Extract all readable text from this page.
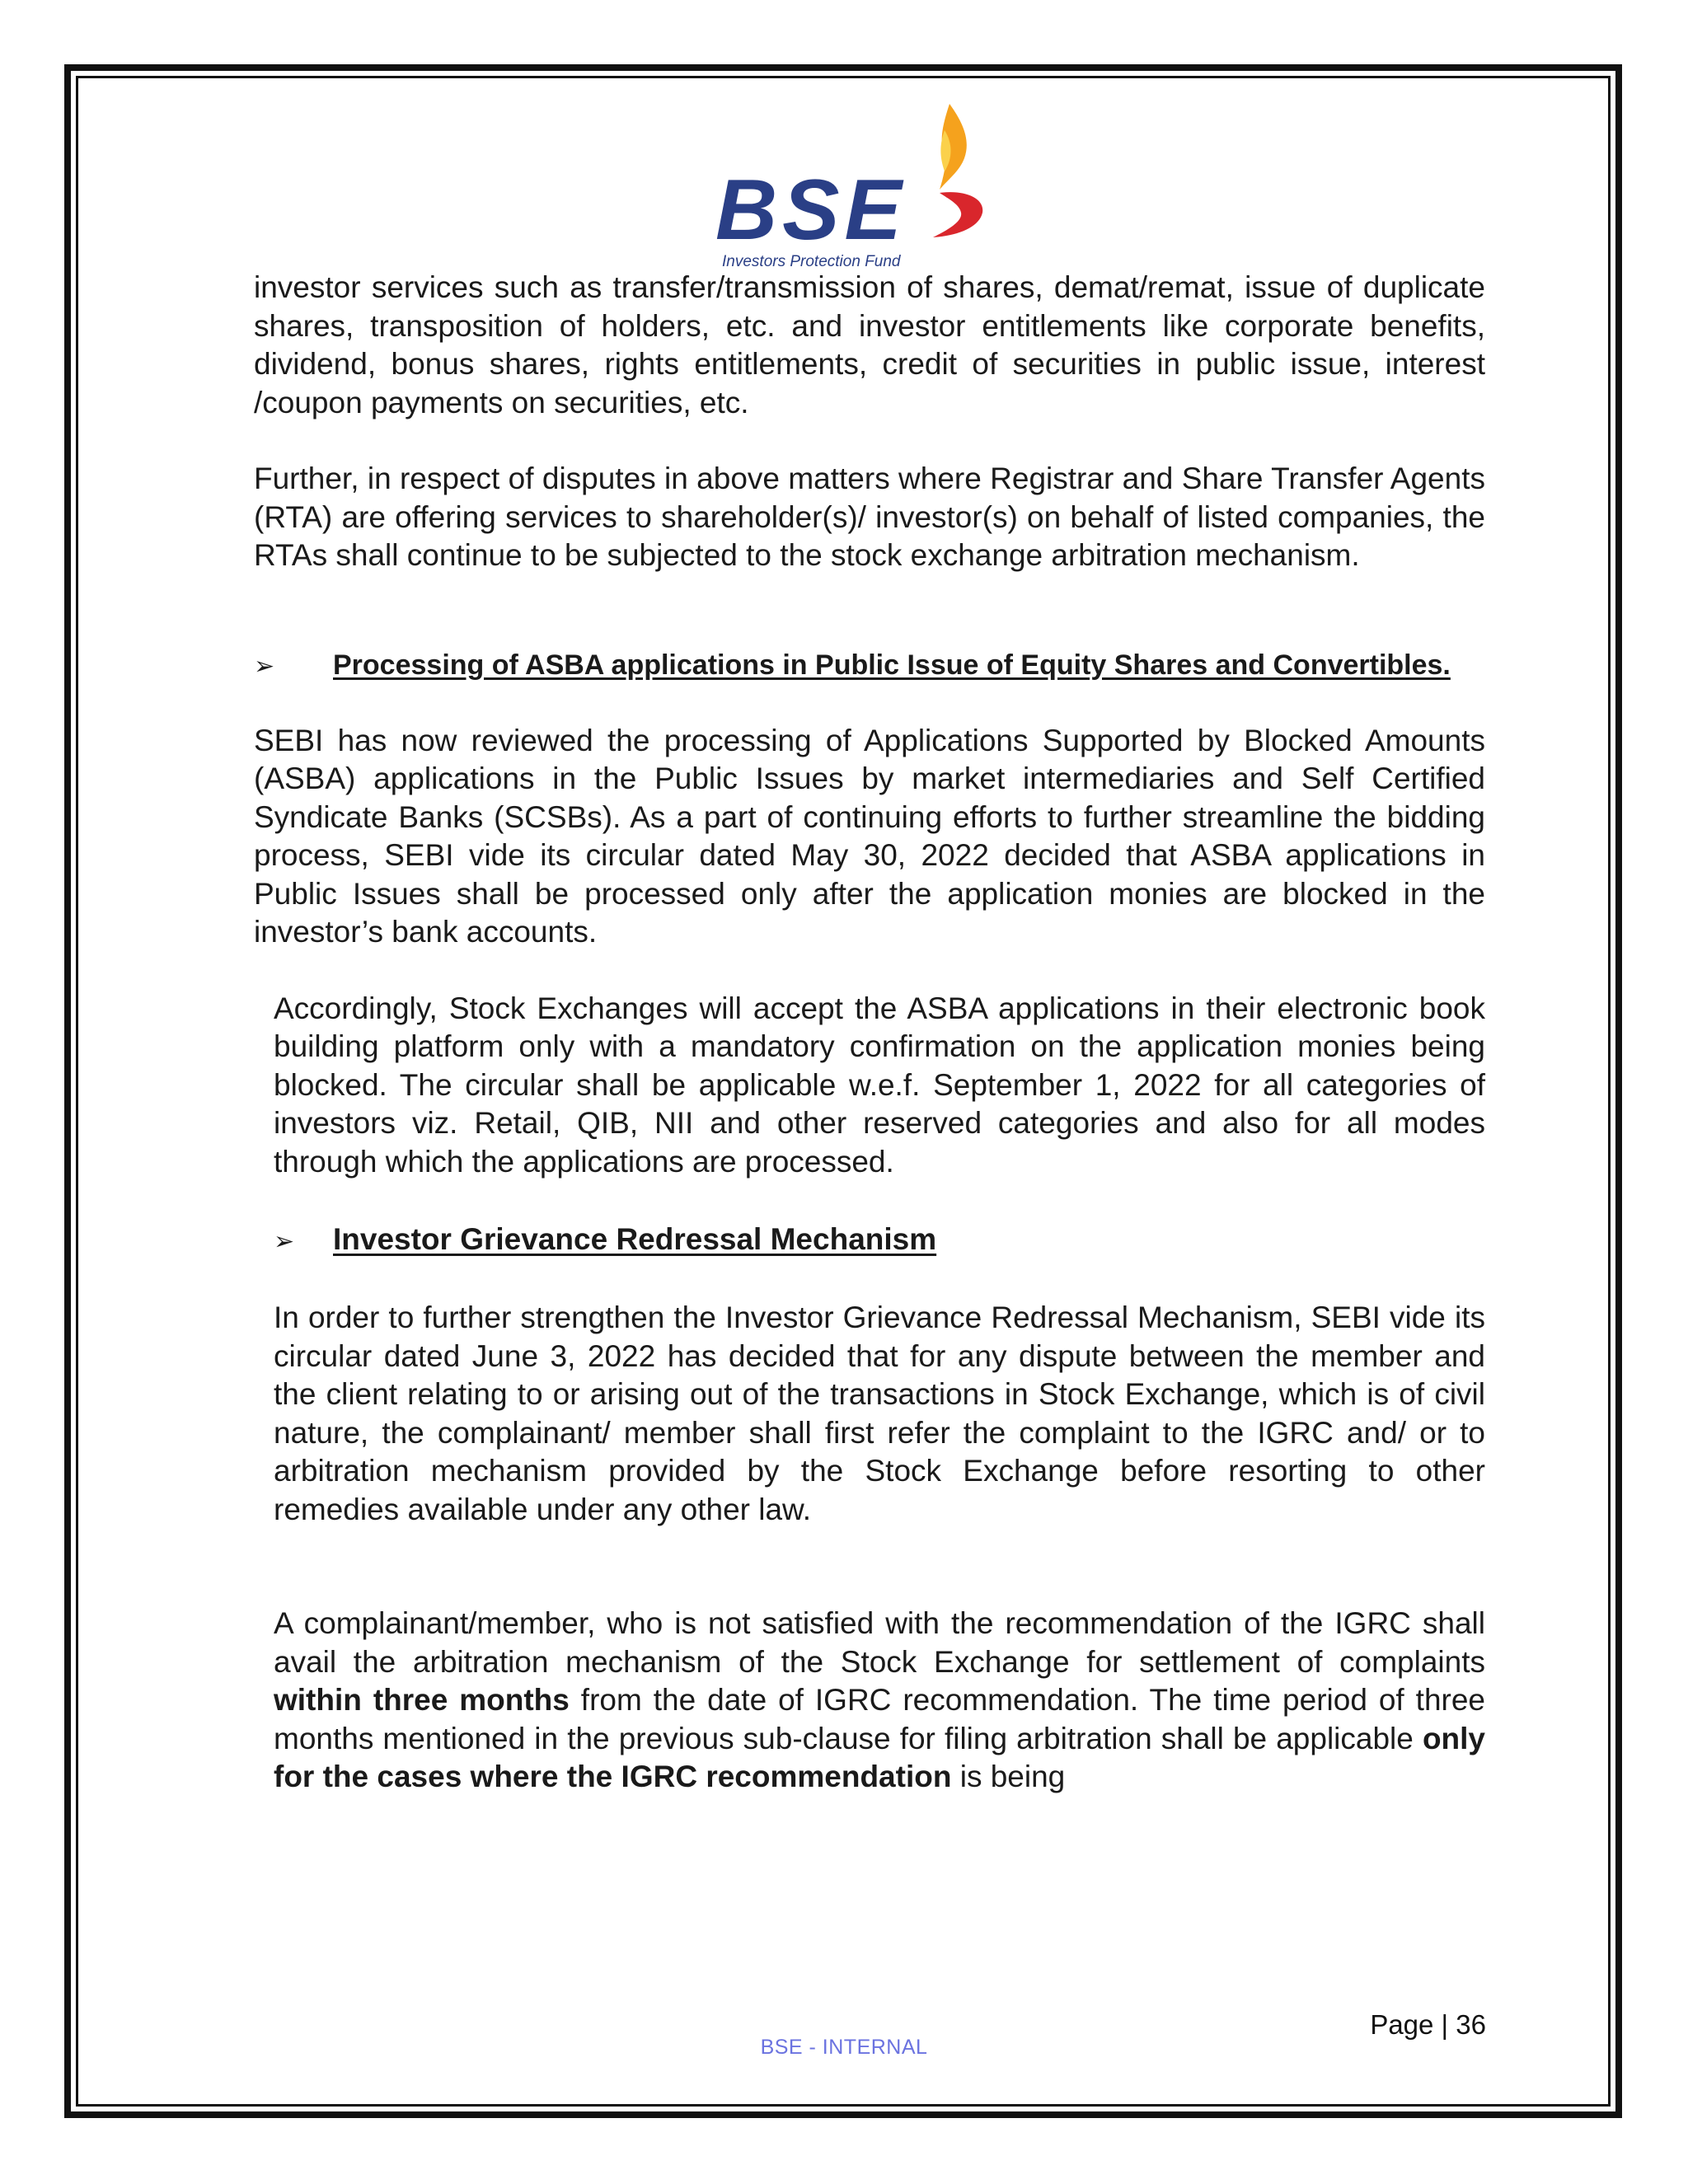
BSE
Investors Protection Fund

investor services such as transfer/transmission of shares, demat/remat, issue of duplicate shares, transposition of holders, etc. and investor entitlements like corporate benefits, dividend, bonus shares, rights entitlements, credit of securities in public issue, interest /coupon payments on securities, etc.

Further, in respect of disputes in above matters where Registrar and Share Transfer Agents (RTA) are offering services to shareholder(s)/ investor(s) on behalf of listed companies, the RTAs shall continue to be subjected to the stock exchange arbitration mechanism.

➢ Processing of ASBA applications in Public Issue of Equity Shares and Convertibles.

SEBI has now reviewed the processing of Applications Supported by Blocked Amounts (ASBA) applications in the Public Issues by market intermediaries and Self Certified Syndicate Banks (SCSBs). As a part of continuing efforts to further streamline the bidding process, SEBI vide its circular dated May 30, 2022 decided that ASBA applications in Public Issues shall be processed only after the application monies are blocked in the investor’s bank accounts.

Accordingly, Stock Exchanges will accept the ASBA applications in their electronic book building platform only with a mandatory confirmation on the application monies being blocked. The circular shall be applicable w.e.f. September 1, 2022 for all categories of investors viz. Retail, QIB, NII and other reserved categories and also for all modes through which the applications are processed.

➢ Investor Grievance Redressal Mechanism

In order to further strengthen the Investor Grievance Redressal Mechanism, SEBI vide its circular dated June 3, 2022 has decided that for any dispute between the member and the client relating to or arising out of the transactions in Stock Exchange, which is of civil nature, the complainant/ member shall first refer the complaint to the IGRC and/ or to arbitration mechanism provided by the Stock Exchange before resorting to other remedies available under any other law.

A complainant/member, who is not satisfied with the recommendation of the IGRC shall avail the arbitration mechanism of the Stock Exchange for settlement of complaints within three months from the date of IGRC recommendation. The time period of three months mentioned in the previous sub-clause for filing arbitration shall be applicable only for the cases where the IGRC recommendation is being

Page | 36
BSE - INTERNAL
